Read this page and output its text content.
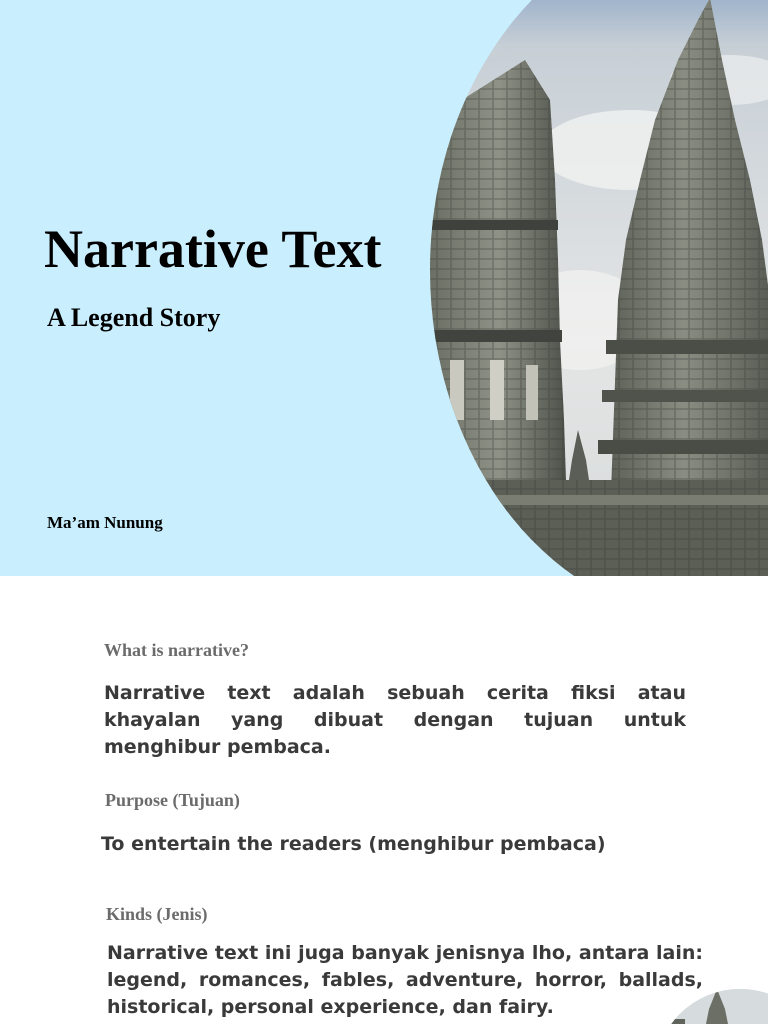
Narrative Text
A Legend Story

Ma’am Nunung

What is narrative?

Narrative text adalah sebuah cerita fiksi atau khayalan yang dibuat dengan tujuan untuk menghibur pembaca.

Purpose (Tujuan)

To entertain the readers (menghibur pembaca)

Kinds (Jenis)

Narrative text ini juga banyak jenisnya lho, antara lain: legend, romances, fables, adventure, horror, ballads, historical, personal experience, dan fairy.
